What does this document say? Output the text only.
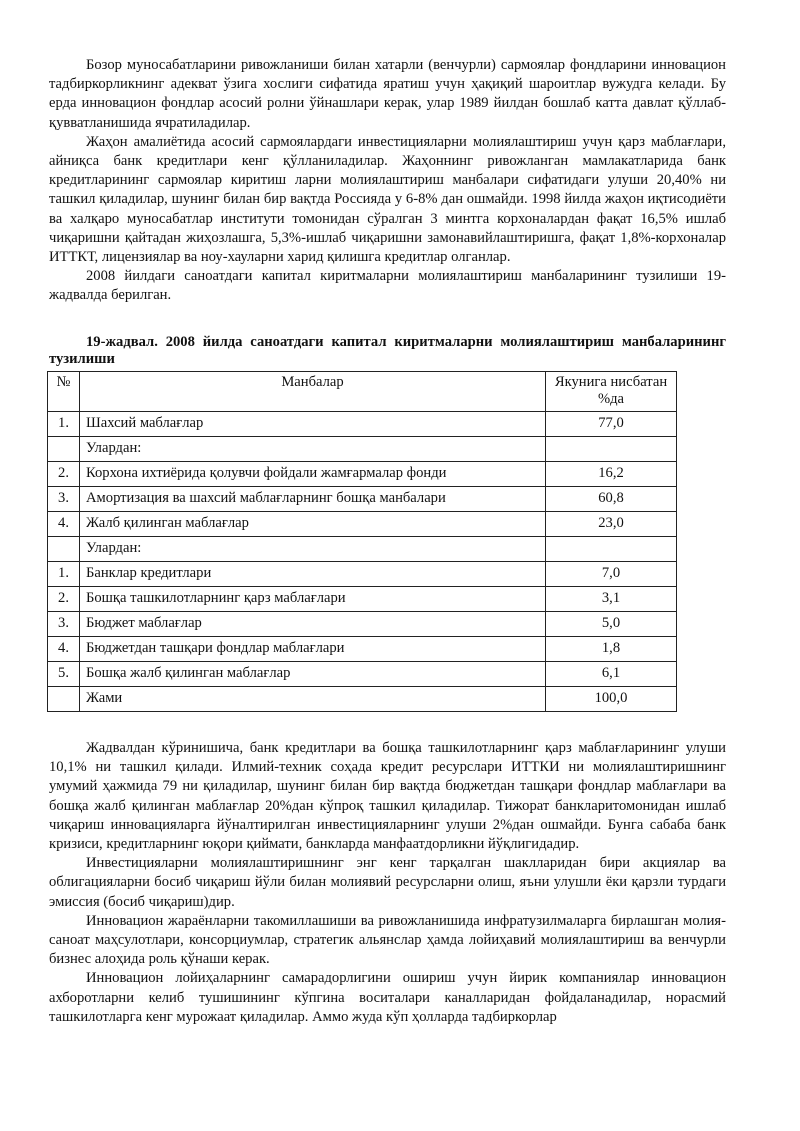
Бозор муносабатларини ривожланиши билан хатарли (венчурли) сармоялар фондларини инновацион тадбиркорликнинг адекват ўзига хослиги сифатида яратиш учун ҳақиқий шароитлар вужудга келади. Бу ерда инновацион фондлар асосий ролни ўйнашлари керак, улар 1989 йилдан бошлаб катта давлат қўллаб-қувватланишида ячратиладилар.

Жаҳон амалиётида асосий сармоялардаги инвестицияларни молиялаштириш учун қарз маблағлари, айниқса банк кредитлари кенг қўлланиладилар. Жаҳоннинг ривожланган мамлакатларида банк кредитларининг сармоялар киритиш ларни молиялаштириш манбалари сифатидаги улуши 20,40% ни ташкил қиладилар, шунинг билан бир вақтда Россияда у 6-8% дан ошмайди. 1998 йилда жаҳон иқтисодиёти ва халқаро муносабатлар институти томонидан сўралган 3 минтга корхоналардан фақат 16,5% ишлаб чиқаришни қайтадан жиҳозлашга, 5,3%-ишлаб чиқаришни замонавийлаштиришга, фақат 1,8%-корхоналар ИТТКТ, лицензиялар ва ноу-хауларни харид қилишга кредитлар олганлар.

2008 йилдаги саноатдаги капитал киритмаларни молиялаштириш манбаларининг тузилиши 19-жадвалда берилган.

19-жадвал. 2008 йилда саноатдаги капитал киритмаларни молиялаштириш манбаларининг тузилиши

№	Манбалар	Якунига нисбатан %да
1.	Шахсий маблағлар	77,0
	Улардан:	
2.	Корхона ихтиёрида қолувчи фойдали жамғармалар фонди	16,2
3.	Амортизация ва шахсий маблағларнинг бошқа манбалари	60,8
4.	Жалб қилинган маблағлар	23,0
	Улардан:	
1.	Банклар кредитлари	7,0
2.	Бошқа ташкилотларнинг қарз маблағлари	3,1
3.	Бюджет маблағлар	5,0
4.	Бюджетдан ташқари фондлар маблағлари	1,8
5.	Бошқа жалб қилинган маблағлар	6,1
	Жами	100,0

Жадвалдан кўринишича, банк кредитлари ва бошқа ташкилотларнинг қарз маблағларининг улуши 10,1% ни ташкил қилади. Илмий-техник соҳада кредит ресурслари ИТТКИ ни молиялаштиришнинг умумий ҳажмида 79 ни қиладилар, шунинг билан бир вақтда бюджетдан ташқари фондлар маблағлари ва бошқа жалб қилинган маблағлар 20%дан кўпроқ ташкил қиладилар. Тижорат банкларитомонидан ишлаб чиқариш инновацияларга йўналтирилган инвестицияларнинг улуши 2%дан ошмайди. Бунга сабаба банк кризиси, кредитларнинг юқори қиймати, банкларда манфаатдорликни йўқлигидадир.

Инвестицияларни молиялаштиришнинг энг кенг тарқалган шаклларидан бири акциялар ва облигацияларни босиб чиқариш йўли билан молиявий ресурсларни олиш, яъни улушли ёки қарзли турдаги эмиссия (босиб чиқариш)дир.

Инновацион жараёнларни такомиллашиши ва ривожланишида инфратузилмаларга бирлашган молия-саноат маҳсулотлари, консорциумлар, стратегик альянслар ҳамда лойиҳавий молиялаштириш ва венчурли бизнес алоҳида роль қўнаши керак.

Инновацион лойиҳаларнинг самарадорлигини ошириш учун йирик компаниялар инновацион ахборотларни келиб тушишининг кўпгина воситалари каналларидан фойдаланадилар, норасмий ташкилотларга кенг мурожаат қиладилар. Аммо жуда кўп ҳолларда тадбиркорлар
